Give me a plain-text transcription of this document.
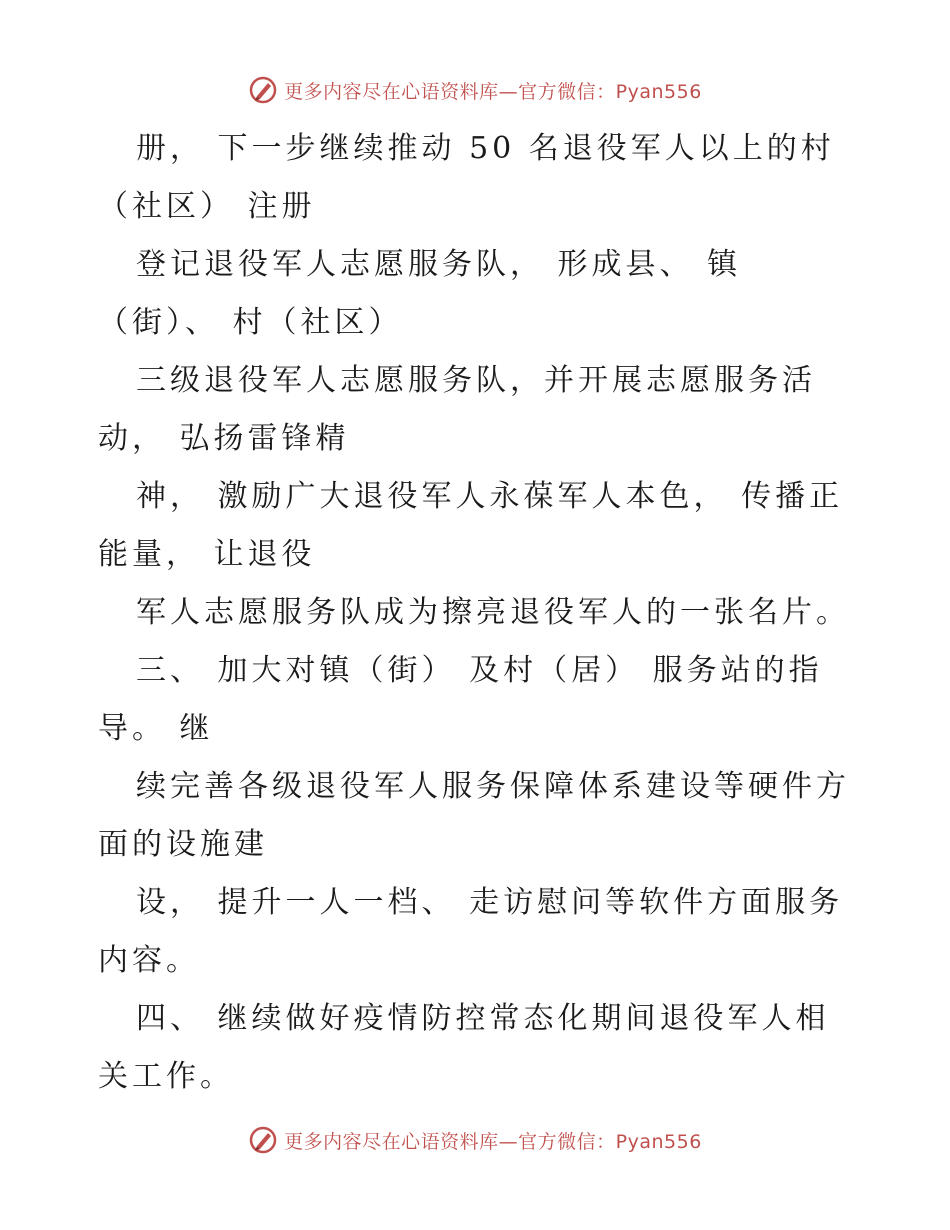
更多内容尽在心语资料库—官方微信：Pyan556
册， 下一步继续推动 50 名退役军人以上的村
（社区） 注册
登记退役军人志愿服务队， 形成县、 镇
（街）、 村（社区）
三级退役军人志愿服务队，并开展志愿服务活
动， 弘扬雷锋精
神， 激励广大退役军人永葆军人本色， 传播正
能量， 让退役
军人志愿服务队成为擦亮退役军人的一张名片。
三、 加大对镇（街） 及村（居） 服务站的指
导。 继
续完善各级退役军人服务保障体系建设等硬件方
面的设施建
设， 提升一人一档、 走访慰问等软件方面服务
内容。
四、 继续做好疫情防控常态化期间退役军人相
关工作。
更多内容尽在心语资料库—官方微信：Pyan556
